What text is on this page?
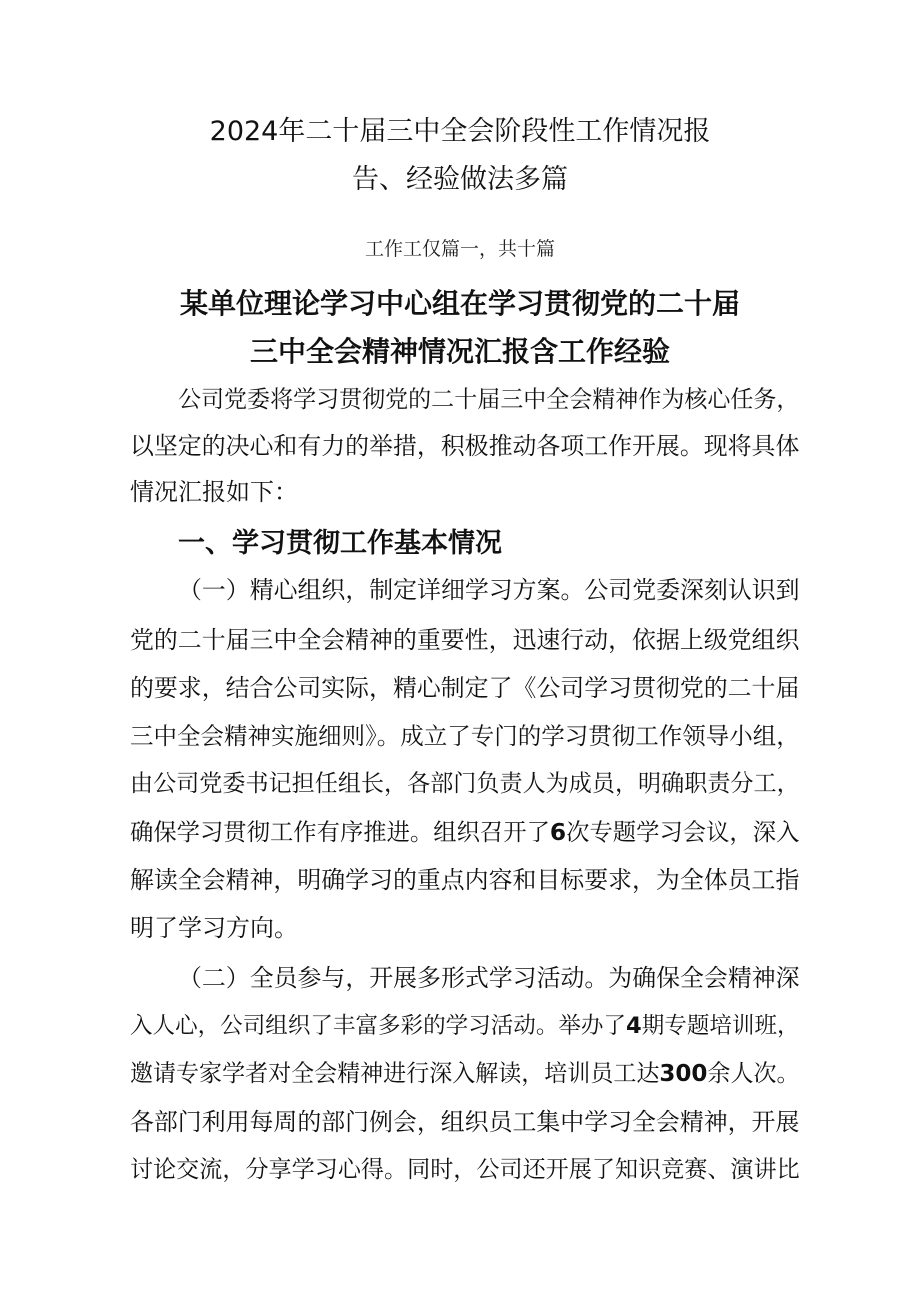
2024年二十届三中全会阶段性工作情况报
告、经验做法多篇
工作工仅篇一，共十篇
某单位理论学习中心组在学习贯彻党的二十届
三中全会精神情况汇报含工作经验
公司党委将学习贯彻党的二十届三中全会精神作为核心任务，
以坚定的决心和有力的举措，积极推动各项工作开展。现将具体
情况汇报如下：
一、学习贯彻工作基本情况
（一）精心组织，制定详细学习方案。公司党委深刻认识到
党的二十届三中全会精神的重要性，迅速行动，依据上级党组织
的要求，结合公司实际，精心制定了《公司学习贯彻党的二十届
三中全会精神实施细则》。成立了专门的学习贯彻工作领导小组，
由公司党委书记担任组长，各部门负责人为成员，明确职责分工，
确保学习贯彻工作有序推进。组织召开了6次专题学习会议，深入
解读全会精神，明确学习的重点内容和目标要求，为全体员工指
明了学习方向。
（二）全员参与，开展多形式学习活动。为确保全会精神深
入人心，公司组织了丰富多彩的学习活动。举办了4期专题培训班，
邀请专家学者对全会精神进行深入解读，培训员工达300余人次。
各部门利用每周的部门例会，组织员工集中学习全会精神，开展
讨论交流，分享学习心得。同时，公司还开展了知识竞赛、演讲比
